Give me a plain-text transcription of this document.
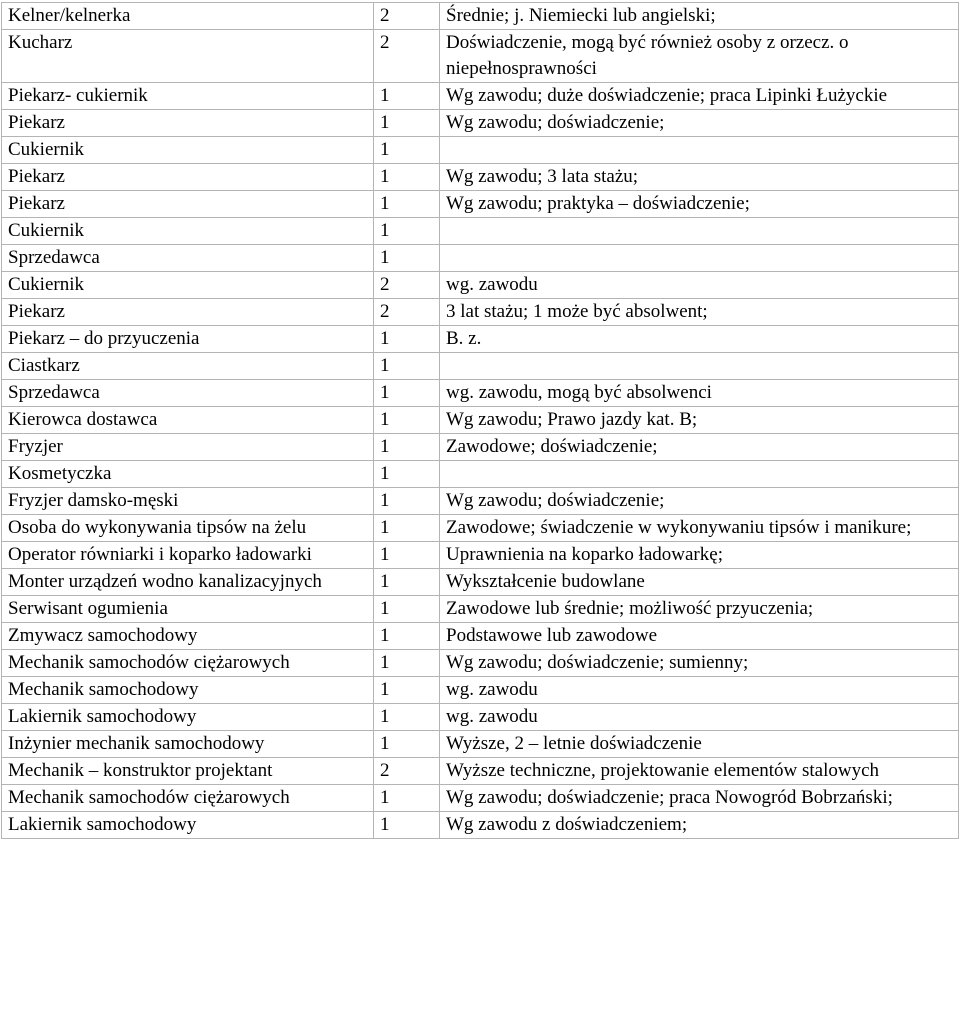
Kelner/kelnerka	2	Średnie; j. Niemiecki lub angielski;
Kucharz	2	Doświadczenie, mogą być również osoby z orzecz. o niepełnosprawności
Piekarz- cukiernik	1	Wg zawodu; duże doświadczenie; praca Lipinki Łużyckie
Piekarz	1	Wg zawodu; doświadczenie;
Cukiernik	1	
Piekarz	1	Wg zawodu; 3 lata stażu;
Piekarz	1	Wg zawodu; praktyka – doświadczenie;
Cukiernik	1	
Sprzedawca	1	
Cukiernik	2	wg. zawodu
Piekarz	2	3 lat stażu; 1 może być absolwent;
Piekarz – do przyuczenia	1	B. z.
Ciastkarz	1	
Sprzedawca	1	wg. zawodu, mogą być absolwenci
Kierowca dostawca	1	Wg zawodu; Prawo jazdy kat. B;
Fryzjer	1	Zawodowe; doświadczenie;
Kosmetyczka	1	
Fryzjer damsko-męski	1	Wg zawodu; doświadczenie;
Osoba do wykonywania tipsów na żelu	1	Zawodowe; świadczenie w wykonywaniu tipsów i manikure;
Operator równiarki i koparko ładowarki	1	Uprawnienia na koparko ładowarkę;
Monter urządzeń wodno kanalizacyjnych	1	Wykształcenie budowlane
Serwisant ogumienia	1	Zawodowe lub średnie; możliwość przyuczenia;
Zmywacz samochodowy	1	Podstawowe lub zawodowe
Mechanik samochodów ciężarowych	1	Wg zawodu; doświadczenie; sumienny;
Mechanik samochodowy	1	wg. zawodu
Lakiernik samochodowy	1	wg. zawodu
Inżynier mechanik samochodowy	1	Wyższe, 2 – letnie doświadczenie
Mechanik – konstruktor projektant	2	Wyższe techniczne, projektowanie elementów stalowych
Mechanik samochodów ciężarowych	1	Wg zawodu; doświadczenie; praca Nowogród Bobrzański;
Lakiernik samochodowy	1	Wg zawodu z doświadczeniem;
